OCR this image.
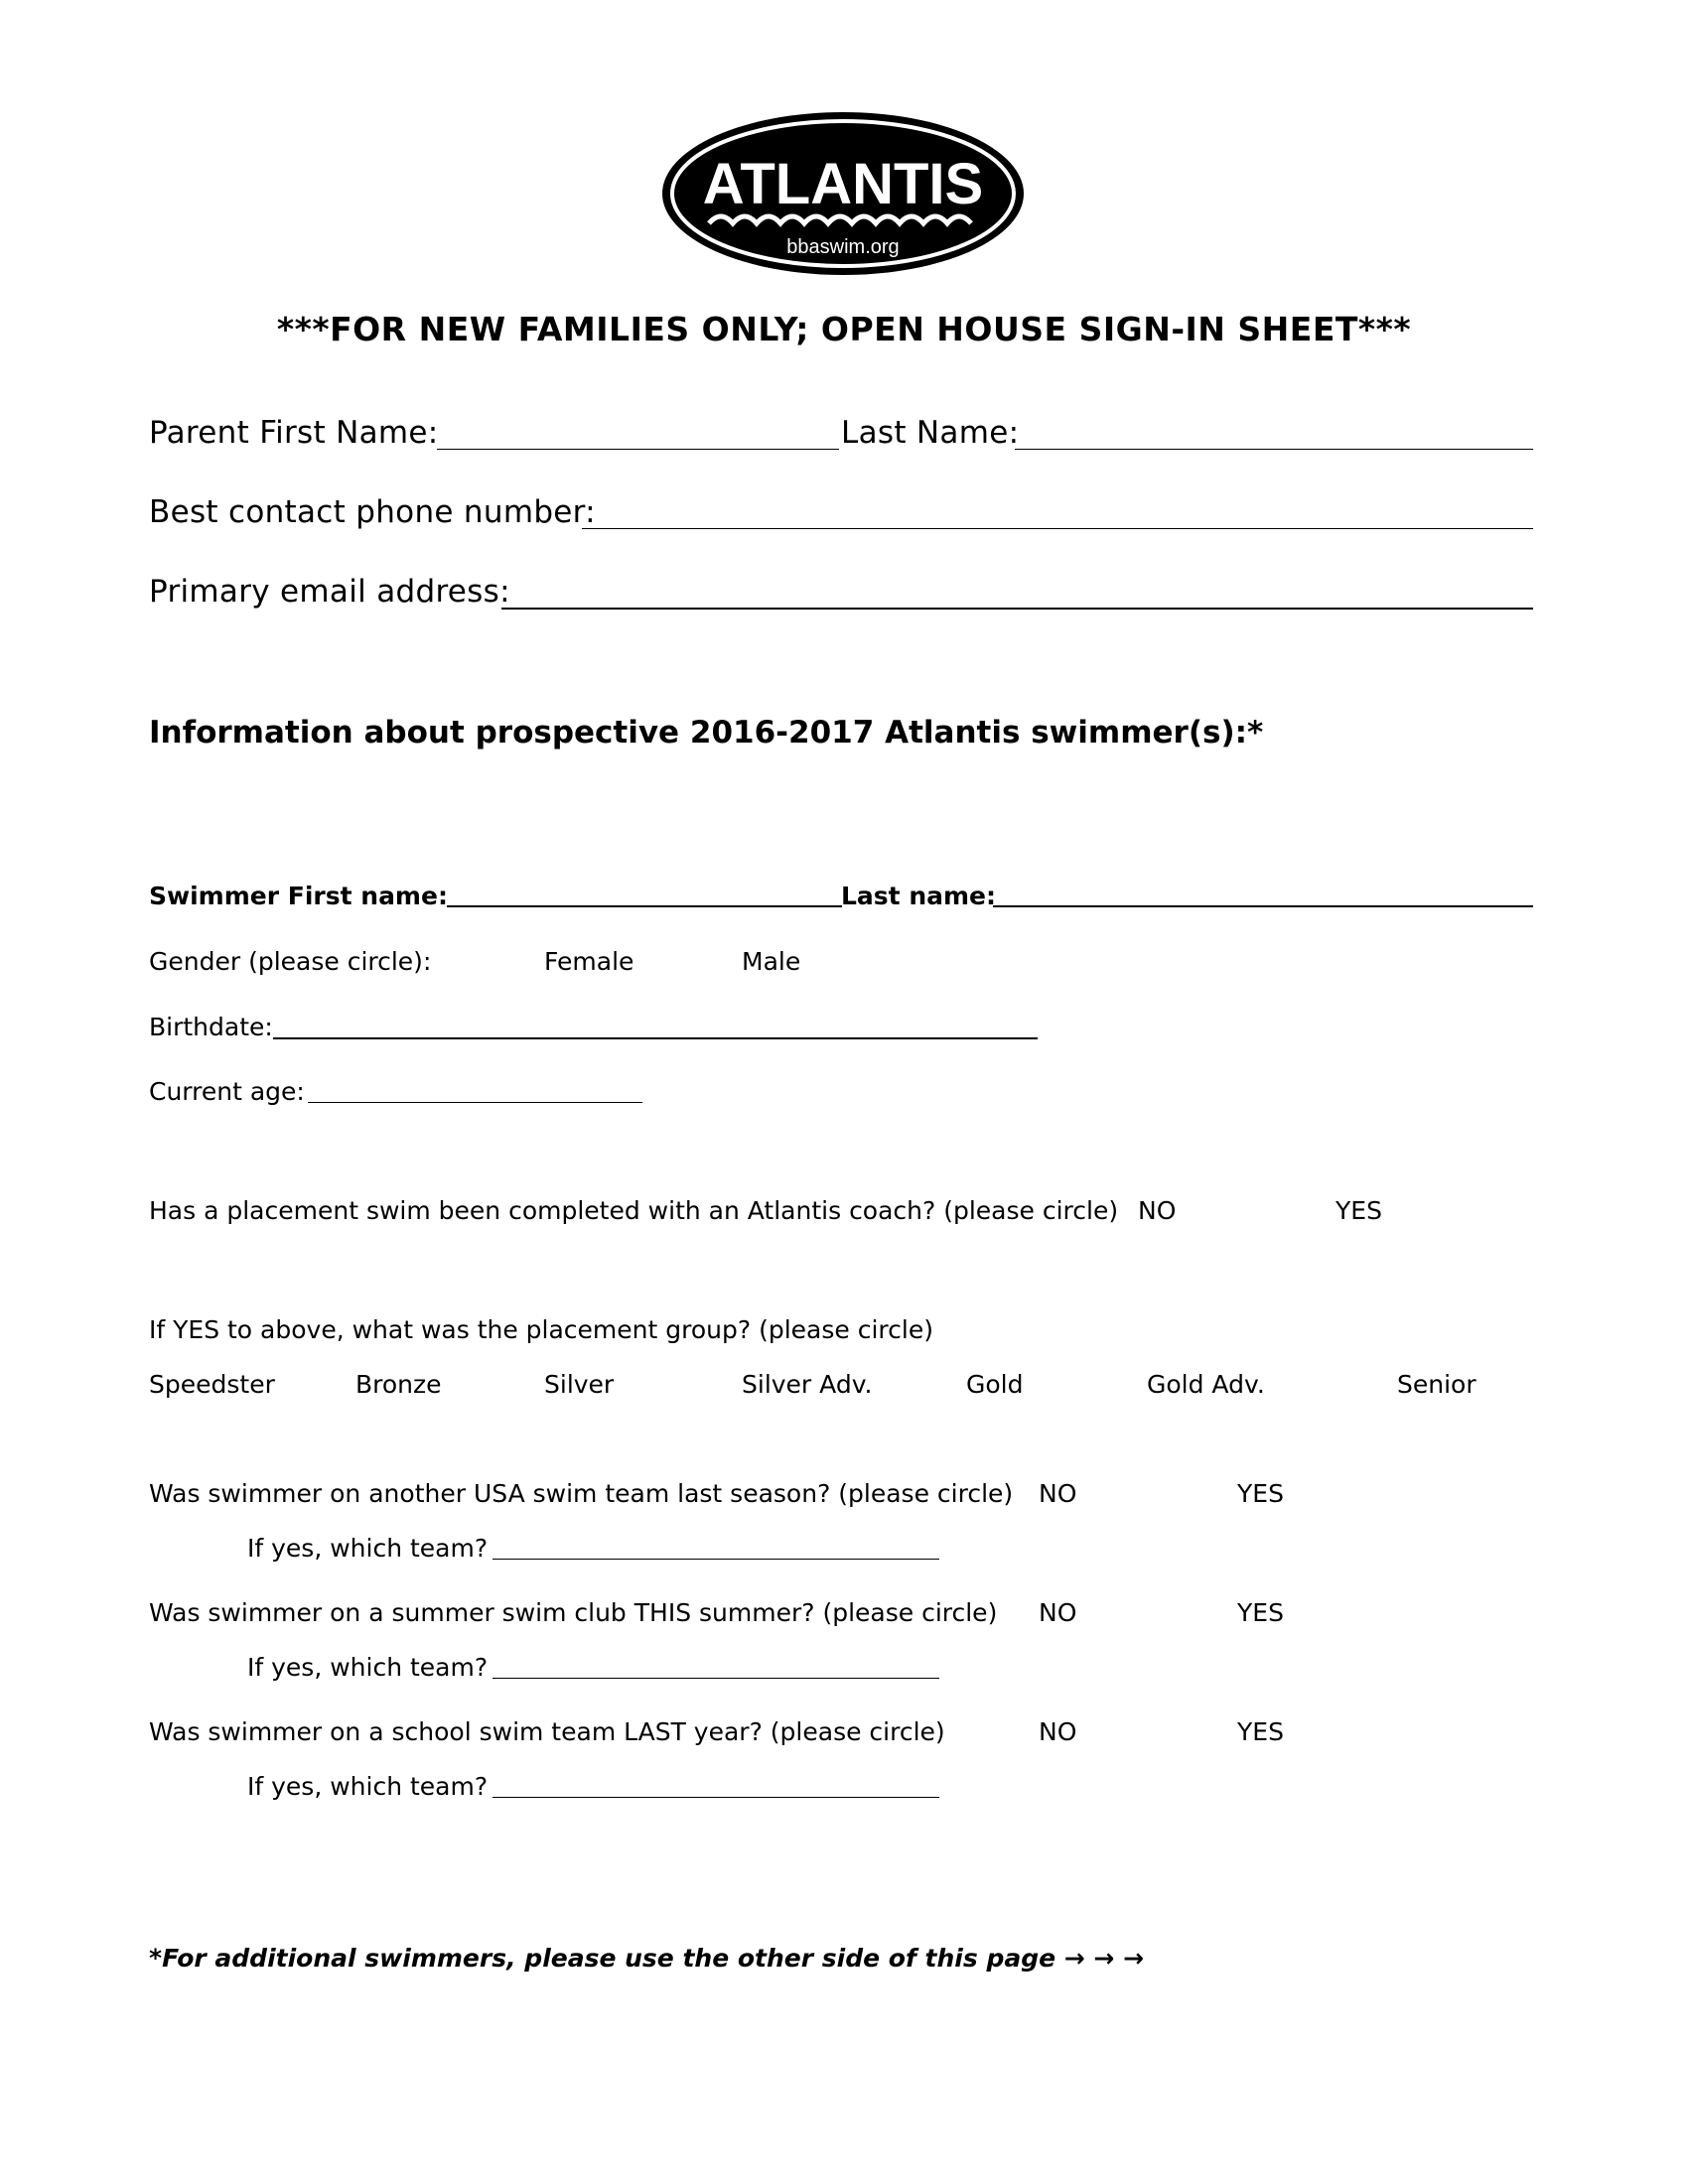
ATLANTIS
bbaswim.org
***FOR NEW FAMILIES ONLY; OPEN HOUSE SIGN-IN SHEET***
Parent First Name:	Last Name:
Best contact phone number:
Primary email address:
Information about prospective 2016-2017 Atlantis swimmer(s):*
Swimmer First name:	Last name:
Gender (please circle):	Female	Male
Birthdate:
Current age:
Has a placement swim been completed with an Atlantis coach? (please circle) NO	YES
If YES to above, what was the placement group? (please circle)
Speedster	Bronze	Silver	Silver Adv.	Gold	Gold Adv.	Senior
Was swimmer on another USA swim team last season? (please circle) NO	YES
If yes, which team?
Was swimmer on a summer swim club THIS summer? (please circle) NO	YES
If yes, which team?
Was swimmer on a school swim team LAST year? (please circle)	NO	YES
If yes, which team?
*For additional swimmers, please use the other side of this page → → →
